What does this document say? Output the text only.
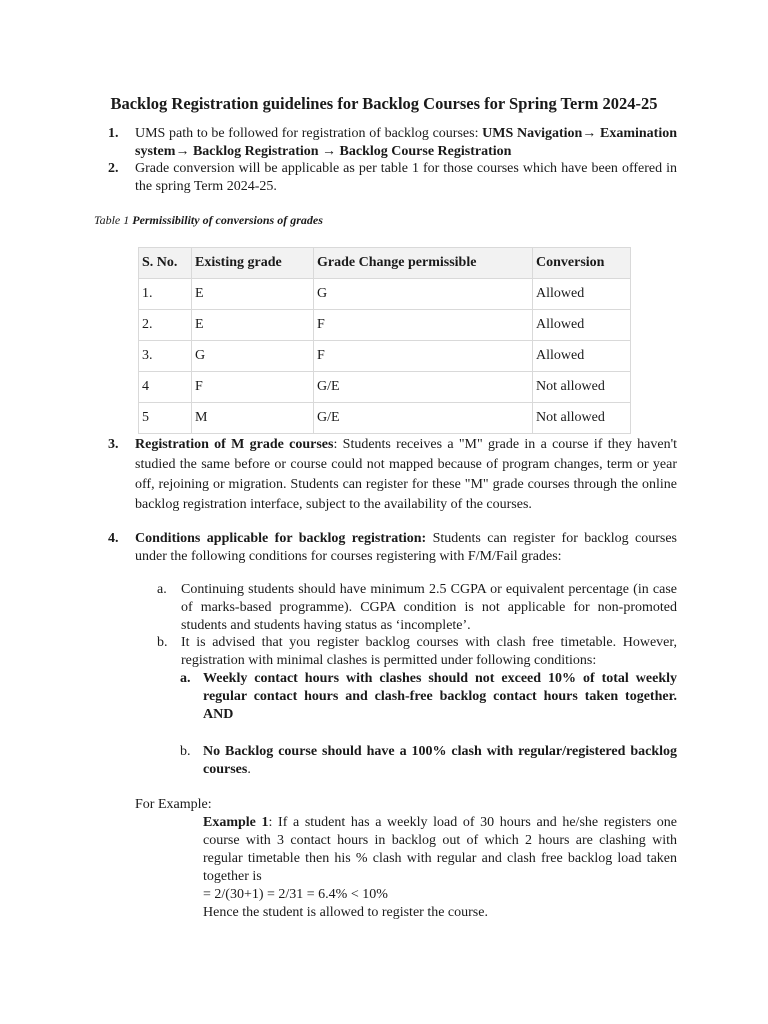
Backlog Registration guidelines for Backlog Courses for Spring Term 2024-25
1. UMS path to be followed for registration of backlog courses: UMS Navigation→ Examination system→ Backlog Registration → Backlog Course Registration
2. Grade conversion will be applicable as per table 1 for those courses which have been offered in the spring Term 2024-25.
Table 1 Permissibility of conversions of grades
S. No.	Existing grade	Grade Change permissible	Conversion
1.	E	G	Allowed
2.	E	F	Allowed
3.	G	F	Allowed
4	F	G/E	Not allowed
5	M	G/E	Not allowed
3. Registration of M grade courses: Students receives a "M" grade in a course if they haven't studied the same before or course could not mapped because of program changes, term or year off, rejoining or migration. Students can register for these "M" grade courses through the online backlog registration interface, subject to the availability of the courses.
4. Conditions applicable for backlog registration: Students can register for backlog courses under the following conditions for courses registering with F/M/Fail grades:
a. Continuing students should have minimum 2.5 CGPA or equivalent percentage (in case of marks-based programme). CGPA condition is not applicable for non-promoted students and students having status as ‘incomplete’.
b. It is advised that you register backlog courses with clash free timetable. However, registration with minimal clashes is permitted under following conditions:
a. Weekly contact hours with clashes should not exceed 10% of total weekly regular contact hours and clash-free backlog contact hours taken together. AND
b. No Backlog course should have a 100% clash with regular/registered backlog courses.
For Example:
Example 1: If a student has a weekly load of 30 hours and he/she registers one course with 3 contact hours in backlog out of which 2 hours are clashing with regular timetable then his % clash with regular and clash free backlog load taken together is
= 2/(30+1) = 2/31 = 6.4% < 10%
Hence the student is allowed to register the course.
